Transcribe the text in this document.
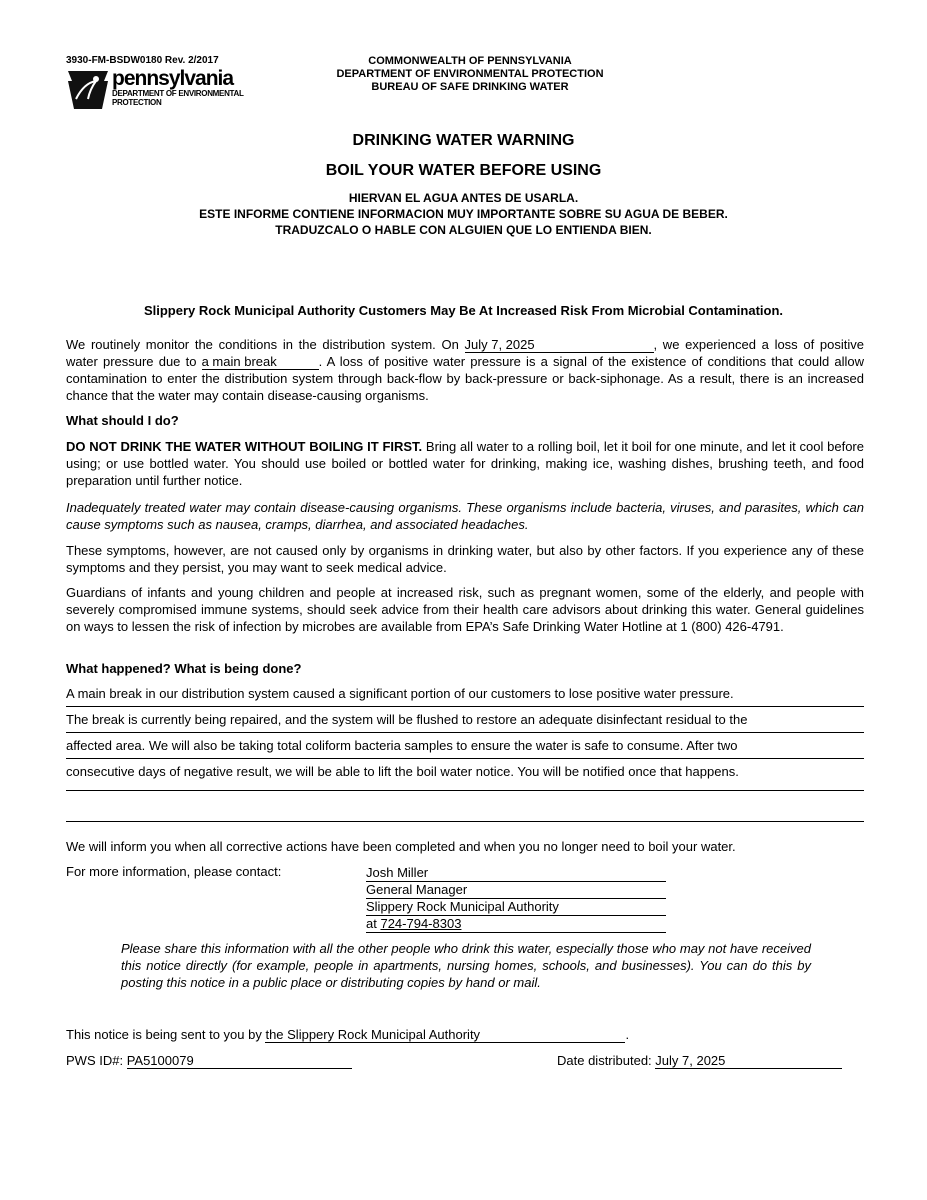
3930-FM-BSDW0180 Rev. 2/2017
pennsylvania
DEPARTMENT OF ENVIRONMENTAL
PROTECTION
COMMONWEALTH OF PENNSYLVANIA
DEPARTMENT OF ENVIRONMENTAL PROTECTION
BUREAU OF SAFE DRINKING WATER
DRINKING WATER WARNING
BOIL YOUR WATER BEFORE USING
HIERVAN EL AGUA ANTES DE USARLA.
ESTE INFORME CONTIENE INFORMACION MUY IMPORTANTE SOBRE SU AGUA DE BEBER.
TRADUZCALO O HABLE CON ALGUIEN QUE LO ENTIENDA BIEN.
Slippery Rock Municipal Authority Customers May Be At Increased Risk From Microbial Contamination.
We routinely monitor the conditions in the distribution system. On July 7, 2025	, we experienced a loss of positive water pressure due to a main break	. A loss of positive water pressure is a signal of the existence of conditions that could allow contamination to enter the distribution system through back-flow by back-pressure or back-siphonage. As a result, there is an increased chance that the water may contain disease-causing organisms.
What should I do?
DO NOT DRINK THE WATER WITHOUT BOILING IT FIRST. Bring all water to a rolling boil, let it boil for one minute, and let it cool before using; or use bottled water. You should use boiled or bottled water for drinking, making ice, washing dishes, brushing teeth, and food preparation until further notice.
Inadequately treated water may contain disease-causing organisms. These organisms include bacteria, viruses, and parasites, which can cause symptoms such as nausea, cramps, diarrhea, and associated headaches.
These symptoms, however, are not caused only by organisms in drinking water, but also by other factors. If you experience any of these symptoms and they persist, you may want to seek medical advice.
Guardians of infants and young children and people at increased risk, such as pregnant women, some of the elderly, and people with severely compromised immune systems, should seek advice from their health care advisors about drinking this water. General guidelines on ways to lessen the risk of infection by microbes are available from EPA’s Safe Drinking Water Hotline at 1 (800) 426-4791.
What happened? What is being done?
A main break in our distribution system caused a significant portion of our customers to lose positive water pressure.
The break is currently being repaired, and the system will be flushed to restore an adequate disinfectant residual to the
affected area. We will also be taking total coliform bacteria samples to ensure the water is safe to consume. After two
consecutive days of negative result, we will be able to lift the boil water notice. You will be notified once that happens.
We will inform you when all corrective actions have been completed and when you no longer need to boil your water.
For more information, please contact:	Josh Miller
General Manager
Slippery Rock Municipal Authority
at 724-794-8303
Please share this information with all the other people who drink this water, especially those who may not have received this notice directly (for example, people in apartments, nursing homes, schools, and businesses). You can do this by posting this notice in a public place or distributing copies by hand or mail.
This notice is being sent to you by the Slippery Rock Municipal Authority	.
PWS ID#: PA5100079	Date distributed: July 7, 2025
